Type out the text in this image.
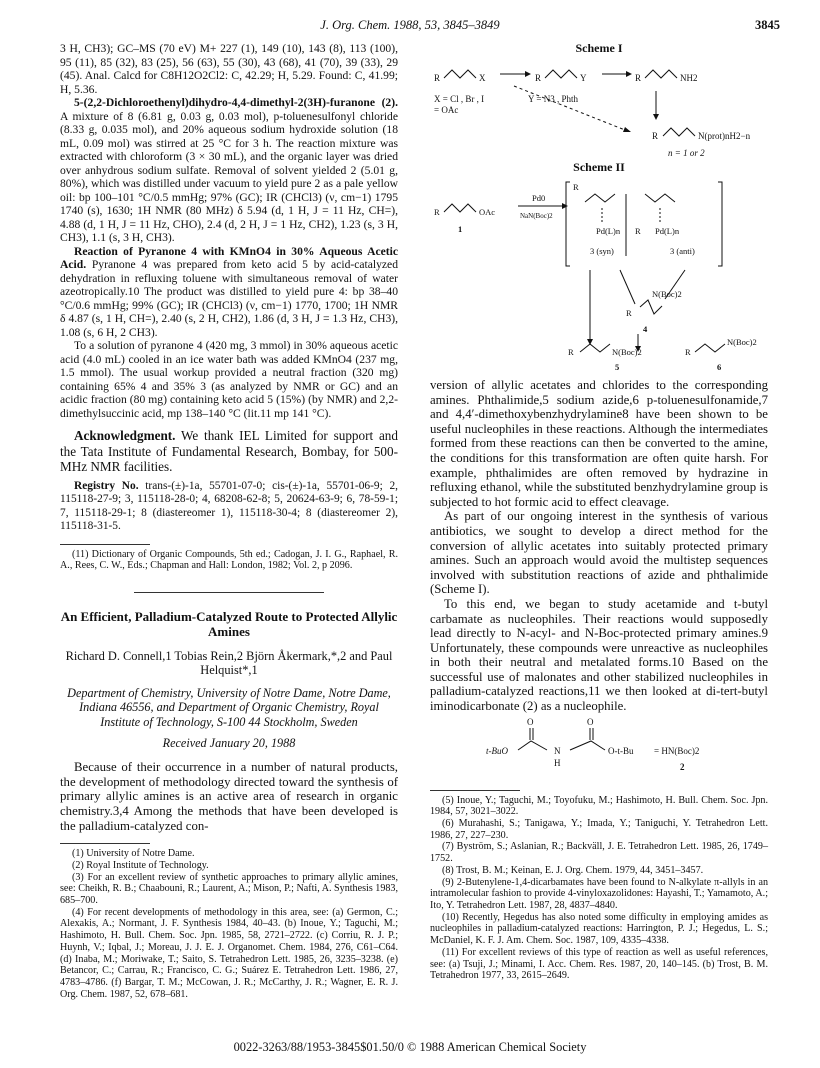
J. Org. Chem. 1988, 53, 3845–3849	3845

3 H, CH3); GC–MS (70 eV) M+ 227 (1), 149 (10), 143 (8), 113 (100), 95 (11), 85 (32), 83 (25), 56 (63), 55 (30), 43 (68), 41 (70), 39 (33), 29 (45). Anal. Calcd for C8H12O2Cl2: C, 42.29; H, 5.29. Found: C, 41.99; H, 5.36.

5-(2,2-Dichloroethenyl)dihydro-4,4-dimethyl-2(3H)-furanone (2). A mixture of 8 (6.81 g, 0.03 g, 0.03 mol), p-toluenesulfonyl chloride (8.33 g, 0.035 mol), and 20% aqueous sodium hydroxide solution (18 mL, 0.09 mol) was stirred at 25 °C for 3 h. The reaction mixture was extracted with chloroform (3 × 30 mL), and the organic layer was dried over anhydrous sodium sulfate. Removal of solvent yielded 2 (5.01 g, 80%), which was distilled under vacuum to yield pure 2 as a pale yellow oil: bp 100–101 °C/0.5 mmHg; 97% (GC); IR (CHCl3) (ν, cm−1) 1795 1740 (s), 1630; 1H NMR (80 MHz) δ 5.94 (d, 1 H, J = 11 Hz, CH=), 4.88 (d, 1 H, J = 11 Hz, CHO), 2.4 (d, 2 H, J = 1 Hz, CH2), 1.23 (s, 3 H, CH3), 1.1 (s, 3 H, CH3).

Reaction of Pyranone 4 with KMnO4 in 30% Aqueous Acetic Acid. Pyranone 4 was prepared from keto acid 5 by acid-catalyzed dehydration in refluxing toluene with simultaneous removal of water azeotropically.10 The product was distilled to yield pure 4: bp 38–40 °C/0.6 mmHg; 99% (GC); IR (CHCl3) (ν, cm−1) 1770, 1700; 1H NMR δ 4.87 (s, 1 H, CH=), 2.40 (s, 2 H, CH2), 1.86 (d, 3 H, J = 1.3 Hz, CH3), 1.08 (s, 6 H, 2 CH3).

To a solution of pyranone 4 (420 mg, 3 mmol) in 30% aqueous acetic acid (4.0 mL) cooled in an ice water bath was added KMnO4 (237 mg, 1.5 mmol). The usual workup provided a neutral fraction (320 mg) containing 65% 4 and 35% 3 (as analyzed by NMR or GC) and an acidic fraction (80 mg) containing keto acid 5 (15%) (by NMR) and 2,2-dimethylsuccinic acid, mp 138–140 °C (lit.11 mp 141 °C).

Acknowledgment. We thank IEL Limited for support and the Tata Institute of Fundamental Research, Bombay, for 500-MHz NMR facilities.

Registry No. trans-(±)-1a, 55701-07-0; cis-(±)-1a, 55701-06-9; 2, 115118-27-9; 3, 115118-28-0; 4, 68208-62-8; 5, 20624-63-9; 6, 78-59-1; 7, 115118-29-1; 8 (diastereomer 1), 115118-30-4; 8 (diastereomer 2), 115118-31-5.

(11) Dictionary of Organic Compounds, 5th ed.; Cadogan, J. I. G., Raphael, R. A., Rees, C. W., Eds.; Chapman and Hall: London, 1982; Vol. 2, p 2096.

An Efficient, Palladium-Catalyzed Route to Protected Allylic Amines
Richard D. Connell,1 Tobias Rein,2 Björn Åkermark,*,2 and Paul Helquist*,1
Department of Chemistry, University of Notre Dame, Notre Dame, Indiana 46556, and Department of Organic Chemistry, Royal Institute of Technology, S-100 44 Stockholm, Sweden
Received January 20, 1988

Because of their occurrence in a number of natural products, the development of methodology directed toward the synthesis of primary allylic amines is an active area of research in organic chemistry.3,4 Among the methods that have been developed is the palladium-catalyzed con-

(1) University of Notre Dame.

(2) Royal Institute of Technology.

(3) For an excellent review of synthetic approaches to primary allylic amines, see: Cheikh, R. B.; Chaabouni, R.; Laurent, A.; Mison, P.; Nafti, A. Synthesis 1983, 685–700.

(4) For recent developments of methodology in this area, see: (a) Germon, C.; Alexakis, A.; Normant, J. F. Synthesis 1984, 40–43. (b) Inoue, Y.; Taguchi, M.; Hashimoto, H. Bull. Chem. Soc. Jpn. 1985, 58, 2721–2722. (c) Corriu, R. J. P.; Huynh, V.; Iqbal, J.; Moreau, J. J. E. J. Organomet. Chem. 1984, 276, C61–C64. (d) Inaba, M.; Moriwake, T.; Saito, S. Tetrahedron Lett. 1985, 26, 3235–3238. (e) Betancor, C.; Carrau, R.; Francisco, C. G.; Suárez E. Tetrahedron Lett. 1986, 27, 4783–4786. (f) Bargar, T. M.; McCowan, J. R.; McCarthy, J. R.; Wagner, E. R. J. Org. Chem. 1987, 52, 678–681.

Scheme I
R	X	R	Y	R	NH2
X = Cl , Br , I
= OAc
Y = N3 , Phth
R	N(prot)nH2−n
n = 1 or 2
Scheme II
R	OAc
Pd0
NaN(Boc)2
1
R
Pd(L)n R Pd(L)n
3 (syn)	3 (anti)
N(Boc)2
R
4
R	N(Boc)2	R
N(Boc)2
5	6

version of allylic acetates and chlorides to the corresponding amines. Phthalimide,5 sodium azide,6 p-toluenesulfonamide,7 and 4,4′-dimethoxybenzhydrylamine8 have been shown to be useful nucleophiles in these reactions. Although the intermediates formed from these reactions can then be converted to the amine, the conditions for this transformation are often quite harsh. For example, phthalimides are often removed by hydrazine in refluxing ethanol, while the substituted benzhydrylamine group is subjected to hot formic acid to effect cleavage.

As part of our ongoing interest in the synthesis of various antibiotics, we sought to develop a direct method for the conversion of allylic acetates into suitably protected primary amines. Such an approach would avoid the multistep sequences involved with substitution reactions of azide and phthalimide (Scheme I).

To this end, we began to study acetamide and t-butyl carbamate as nucleophiles. Their reactions would supposedly lead directly to N-acyl- and N-Boc-protected primary amines.9 Unfortunately, these compounds were unreactive as nucleophiles in both their neutral and metalated forms.10 Based on the successful use of malonates and other stabilized nucleophiles in palladium-catalyzed reactions,11 we then looked at di-tert-butyl iminodicarbonate (2) as a nucleophile.

O	O
t-BuO	N	O-t-Bu = HN(Boc)2
H	2

(5) Inoue, Y.; Taguchi, M.; Toyofuku, M.; Hashimoto, H. Bull. Chem. Soc. Jpn. 1984, 57, 3021–3022.

(6) Murahashi, S.; Tanigawa, Y.; Imada, Y.; Taniguchi, Y. Tetrahedron Lett. 1986, 27, 227–230.

(7) Byström, S.; Aslanian, R.; Backväll, J. E. Tetrahedron Lett. 1985, 26, 1749–1752.

(8) Trost, B. M.; Keinan, E. J. Org. Chem. 1979, 44, 3451–3457.

(9) 2-Butenylene-1,4-dicarbamates have been found to N-alkylate π-allyls in an intramolecular fashion to provide 4-vinyloxazolidones: Hayashi, T.; Yamamoto, A.; Ito, Y. Tetrahedron Lett. 1987, 28, 4837–4840.

(10) Recently, Hegedus has also noted some difficulty in employing amides as nucleophiles in palladium-catalyzed reactions: Harrington, P. J.; Hegedus, L. S.; McDaniel, K. F. J. Am. Chem. Soc. 1987, 109, 4335–4338.

(11) For excellent reviews of this type of reaction as well as useful references, see: (a) Tsuji, J.; Minami, I. Acc. Chem. Res. 1987, 20, 140–145. (b) Trost, B. M. Tetrahedron 1977, 33, 2615–2649.

0022-3263/88/1953-3845$01.50/0 © 1988 American Chemical Society
